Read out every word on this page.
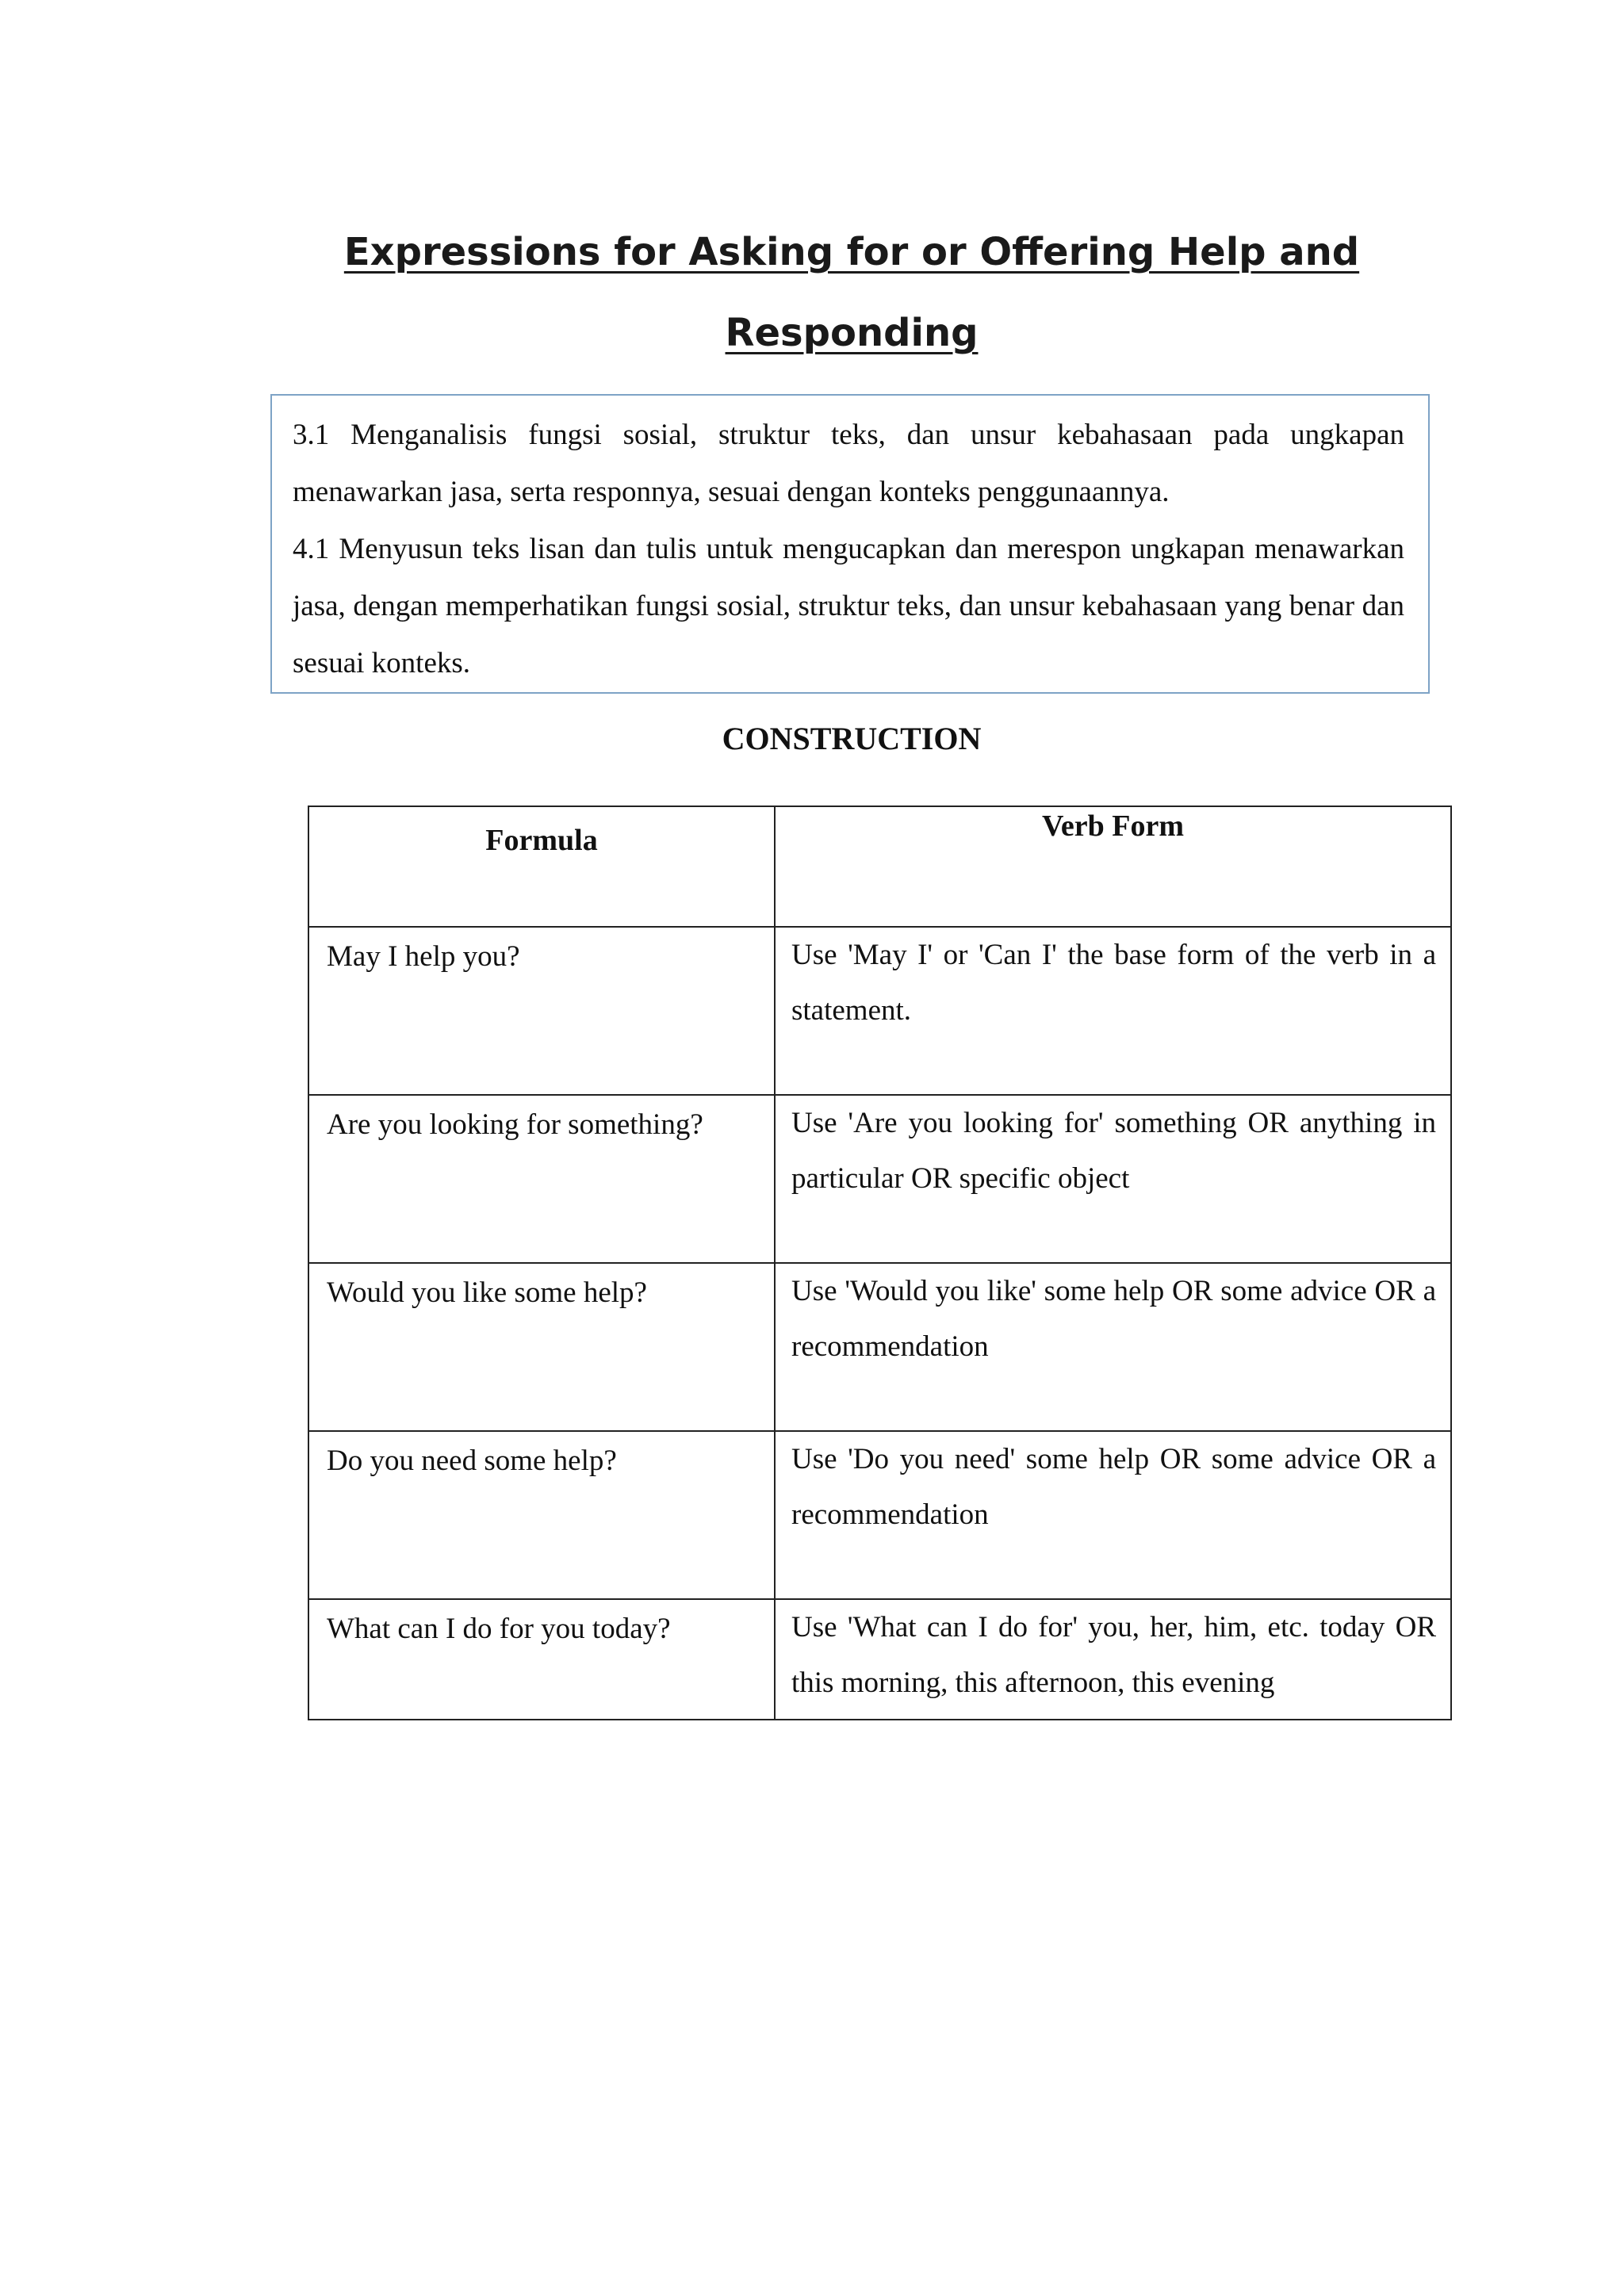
Expressions for Asking for or Offering Help and
Responding

3.1 Menganalisis fungsi sosial, struktur teks, dan unsur kebahasaan pada ungkapan menawarkan jasa, serta responnya, sesuai dengan konteks penggunaannya.

4.1 Menyusun teks lisan dan tulis untuk mengucapkan dan merespon ungkapan menawarkan jasa, dengan memperhatikan fungsi sosial, struktur teks, dan unsur kebahasaan yang benar dan sesuai konteks.

CONSTRUCTION
Formula	Verb Form
May I help you?	Use 'May I' or 'Can I' the base form of the verb in a statement.
Are you looking for something?	Use 'Are you looking for' something OR anything in particular OR specific object
Would you like some help?	Use 'Would you like' some help OR some advice OR a recommendation
Do you need some help?	Use 'Do you need' some help OR some advice OR a recommendation
What can I do for you today?	Use 'What can I do for' you, her, him, etc. today OR this morning, this afternoon, this evening
